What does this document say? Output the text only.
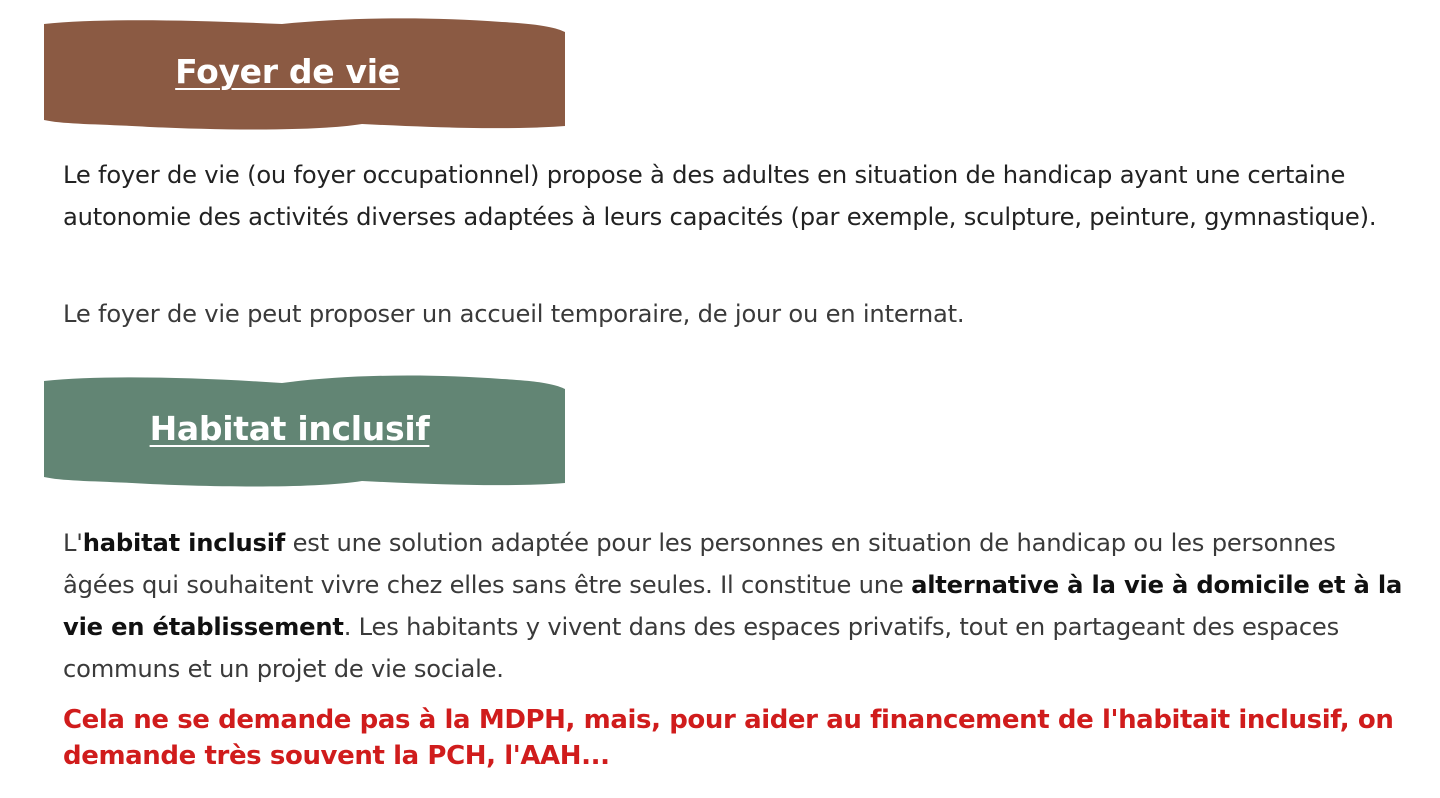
Foyer de vie

Le foyer de vie (ou foyer occupationnel) propose à des adultes en situation de handicap ayant une certaine autonomie des activités diverses adaptées à leurs capacités (par exemple, sculpture, peinture, gymnastique).

Le foyer de vie peut proposer un accueil temporaire, de jour ou en internat.

Habitat inclusif

L'habitat inclusif est une solution adaptée pour les personnes en situation de handicap ou les personnes âgées qui souhaitent vivre chez elles sans être seules. Il constitue une alternative à la vie à domicile et à la vie en établissement. Les habitants y vivent dans des espaces privatifs, tout en partageant des espaces communs et un projet de vie sociale.

Cela ne se demande pas à la MDPH, mais, pour aider au financement de l'habitait inclusif, on demande très souvent la PCH, l'AAH...
